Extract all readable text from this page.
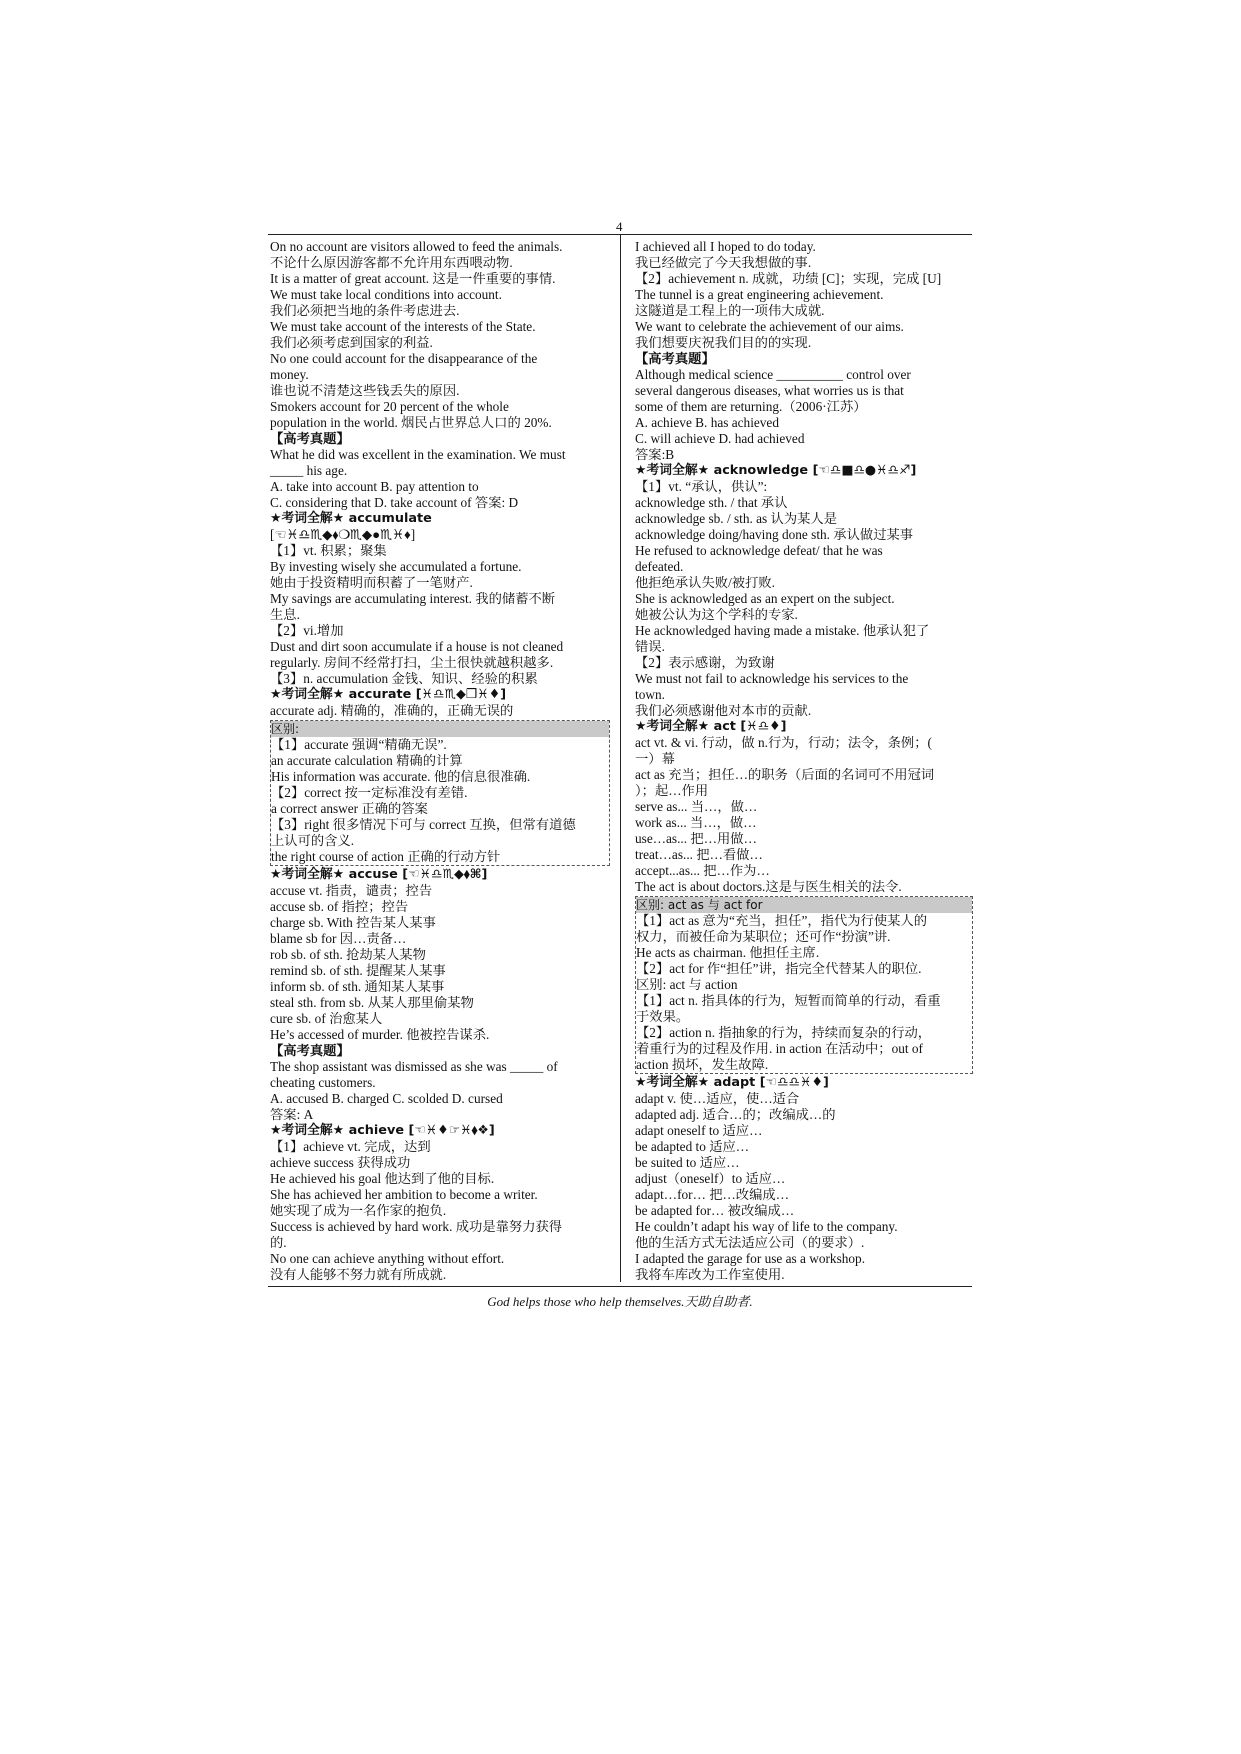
4
On no account are visitors allowed to feed the animals.
不论什么原因游客都不允许用东西喂动物.
It is a matter of great account. 这是一件重要的事情.
We must take local conditions into account.
我们必须把当地的条件考虑进去.
We must take account of the interests of the State.
我们必须考虑到国家的利益.
No one could account for the disappearance of the
money.
谁也说不清楚这些钱丢失的原因.
Smokers account for 20 percent of the whole
population in the world. 烟民占世界总人口的 20%.
【高考真题】
What he did was excellent in the examination. We must
_____ his age.
A. take into account B. pay attention to
C. considering that D. take account of 答案: D
★考词全解★ accumulate
[☜♓︎♎︎♏︎◆⬧︎❍︎♏︎◆●♏︎♓︎♦︎]
【1】vt. 积累；聚集
By investing wisely she accumulated a fortune.
她由于投资精明而积蓄了一笔财产.
My savings are accumulating interest. 我的储蓄不断
生息.
【2】vi.增加
Dust and dirt soon accumulate if a house is not cleaned
regularly. 房间不经常打扫，尘土很快就越积越多.
【3】n. accumulation 金钱、知识、经验的积累
★考词全解★ accurate [♓︎♎︎♏︎◆❒︎♓︎♦︎]
accurate adj. 精确的，准确的，正确无误的
区别:
【1】accurate 强调“精确无误”.
an accurate calculation 精确的计算
His information was accurate. 他的信息很准确.
【2】correct 按一定标准没有差错.
a correct answer 正确的答案
【3】right 很多情况下可与 correct 互换，但常有道德
上认可的含义.
the right course of action 正确的行动方针
★考词全解★ accuse [☜♓︎♎︎♏︎◆⬧︎⌘]
accuse vt. 指责，谴责；控告
accuse sb. of 指控；控告
charge sb. With 控告某人某事
blame sb for 因…责备…
rob sb. of sth. 抢劫某人某物
remind sb. of sth. 提醒某人某事
inform sb. of sth. 通知某人某事
steal sth. from sb. 从某人那里偷某物
cure sb. of 治愈某人
He’s accessed of murder. 他被控告谋杀.
【高考真题】
The shop assistant was dismissed as she was _____ of
cheating customers.
A. accused B. charged C. scolded D. cursed
答案: A
★考词全解★ achieve [☜♓︎♦︎☞♓︎⬧︎❖]
【1】achieve vt. 完成，达到
achieve success 获得成功
He achieved his goal 他达到了他的目标.
She has achieved her ambition to become a writer.
她实现了成为一名作家的抱负.
Success is achieved by hard work. 成功是靠努力获得
的.
No one can achieve anything without effort.
没有人能够不努力就有所成就.
I achieved all I hoped to do today.
我已经做完了今天我想做的事.
【2】achievement n. 成就，功绩 [C]；实现，完成 [U]
The tunnel is a great engineering achievement.
这隧道是工程上的一项伟大成就.
We want to celebrate the achievement of our aims.
我们想要庆祝我们目的的实现.
【高考真题】
Although medical science __________ control over
several dangerous diseases, what worries us is that
some of them are returning.（2006·江苏）
A. achieve B. has achieved
C. will achieve D. had achieved
答案:B
★考词全解★ acknowledge [☜♎︎■♎︎●♓︎♎︎♐︎]
【1】vt. “承认，供认”:
acknowledge sth. / that 承认
acknowledge sb. / sth. as 认为某人是
acknowledge doing/having done sth. 承认做过某事
He refused to acknowledge defeat/ that he was
defeated.
他拒绝承认失败/被打败.
She is acknowledged as an expert on the subject.
她被公认为这个学科的专家.
He acknowledged having made a mistake. 他承认犯了
错误.
【2】表示感谢，为致谢
We must not fail to acknowledge his services to the
town.
我们必须感谢他对本市的贡献.
★考词全解★ act [♓︎♎︎♦︎]
act vt. & vi. 行动，做 n.行为，行动；法令，条例；(
一）幕
act as 充当；担任…的职务（后面的名词可不用冠词
）；起…作用
serve as... 当…，做…
work as... 当…，做…
use…as... 把…用做…
treat…as... 把…看做…
accept...as... 把…作为…
The act is about doctors.这是与医生相关的法令.
区别: act as 与 act for
【1】act as 意为“充当，担任”，指代为行使某人的
权力，而被任命为某职位；还可作“扮演”讲.
He acts as chairman. 他担任主席.
【2】act for 作“担任”讲，指完全代替某人的职位.
区别: act 与 action
【1】act n. 指具体的行为，短暂而简单的行动，看重
于效果。
【2】action n. 指抽象的行为，持续而复杂的行动，
着重行为的过程及作用. in action 在活动中；out of
action 损坏，发生故障.
★考词全解★ adapt [☜♎︎♎︎♓︎♦︎]
adapt v. 使…适应，使…适合
adapted adj. 适合…的；改编成…的
adapt oneself to 适应…
be adapted to 适应…
be suited to 适应…
adjust（oneself）to 适应…
adapt…for… 把…改编成…
be adapted for… 被改编成…
He couldn’t adapt his way of life to the company.
他的生活方式无法适应公司（的要求）.
I adapted the garage for use as a workshop.
我将车库改为工作室使用.
God helps those who help themselves.天助自助者.
